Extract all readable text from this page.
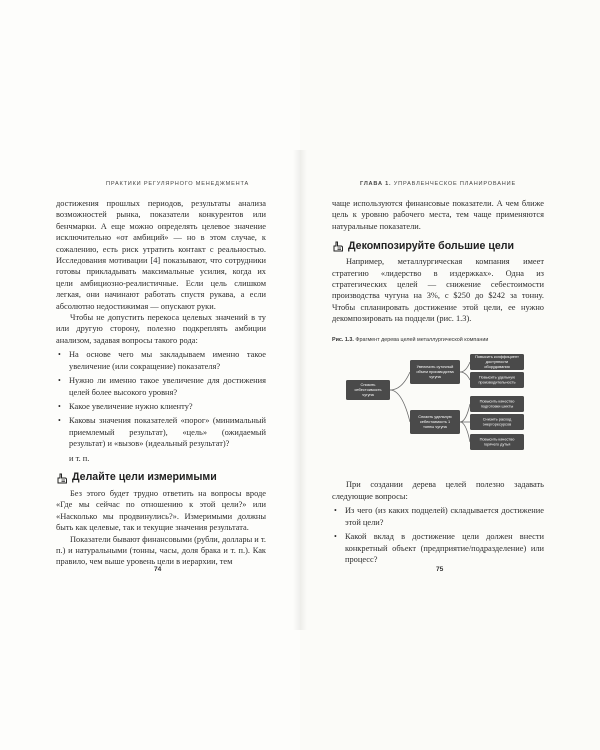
ПРАКТИКИ РЕГУЛЯРНОГО МЕНЕДЖМЕНТА

достижения прошлых периодов, результаты анализа возможностей рынка, показатели конкурентов или бенчмарки. А еще можно определять целевое значение исключительно «от амбиций» — но в этом случае, к сожалению, есть риск утратить контакт с реальностью. Исследования мотивации [4] показывают, что сотрудники готовы прикладывать максимальные усилия, когда их цели амбициозно-реалистичные. Если цель слишком легкая, они начинают работать спустя рукава, а если абсолютно недостижимая — опускают руки.

Чтобы не допустить перекоса целевых значений в ту или другую сторону, полезно подкреплять амбиции анализом, задавая вопросы такого рода:

• На основе чего мы закладываем именно такое увеличение (или сокращение) показателя?
• Нужно ли именно такое увеличение для достижения целей более высокого уровня?
• Какое увеличение нужно клиенту?
• Каковы значения показателей «порог» (минимальный приемлемый результат), «цель» (ожидаемый результат) и «вызов» (идеальный результат)?
и т. п.
Делайте цели измеримыми

Без этого будет трудно ответить на вопросы вроде «Где мы сейчас по отношению к этой цели?» или «Насколько мы продвинулись?». Измеримыми должны быть как целевые, так и текущие значения результата.

Показатели бывают финансовыми (рубли, доллары и т. п.) и натуральными (тонны, часы, доля брака и т. п.). Как правило, чем выше уровень цели в иерархии, тем

74
ГЛАВА 1. УПРАВЛЕНЧЕСКОЕ ПЛАНИРОВАНИЕ

чаще используются финансовые показатели. А чем ближе цель к уровню рабочего места, тем чаще применяются натуральные показатели.

Декомпозируйте большие цели

Например, металлургическая компания имеет стратегию «лидерство в издержках». Одна из стратегических целей — снижение себестоимости производства чугуна на 3%, с $250 до $242 за тонну. Чтобы спланировать достижение этой цели, ее нужно декомпозировать на подцели (рис. 1.3).

Рис. 1.3. Фрагмент дерева целей металлургической компании
Снизить себестоимость чугуна
Увеличить суточный объем производства чугуна
Снизить удельную себестоимость 1 тонны чугуна
Повысить коэффициент доступности оборудования
Повысить удельную производительность
Повысить качество подготовки шихты
Снизить расход энергоресурсов
Повысить качество горячего дутья

При создании дерева целей полезно задавать следующие вопросы:

• Из чего (из каких подцелей) складывается достижение этой цели?
• Какой вклад в достижение цели должен внести конкретный объект (предприятие/подразделение) или процесс?
75
